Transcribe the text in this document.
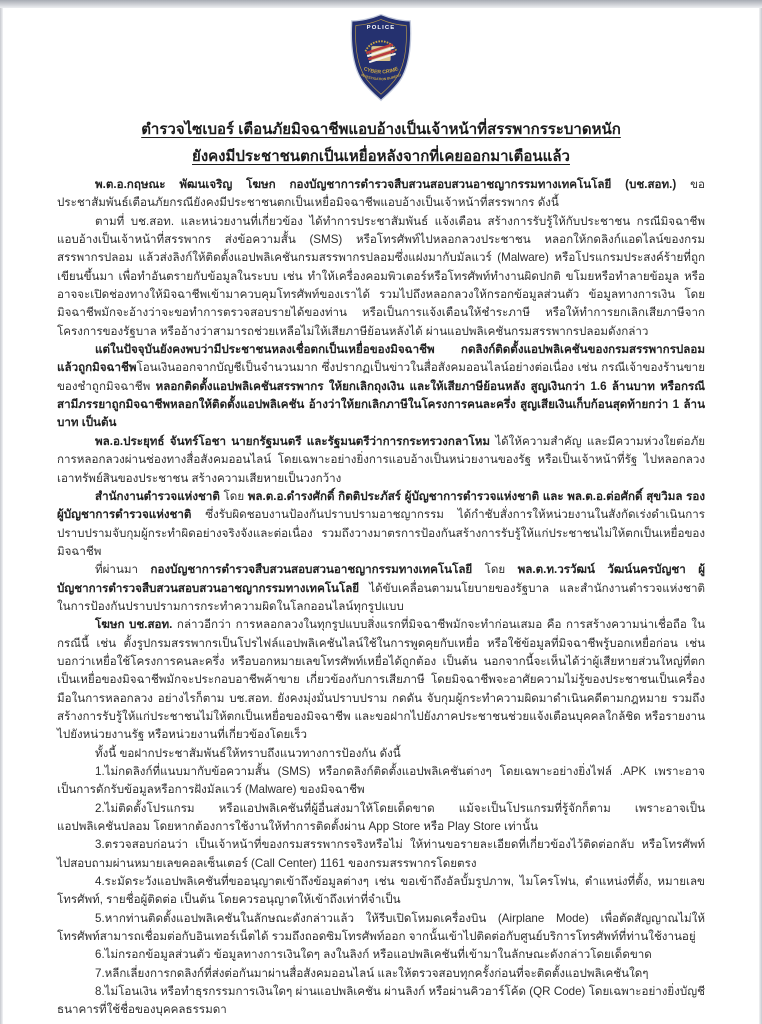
POLICE
CYBER CRIME
INVESTIGATION BUREAU
ตำรวจไซเบอร์ เตือนภัยมิจฉาชีพแอบอ้างเป็นเจ้าหน้าที่สรรพากรระบาดหนัก
ยังคงมีประชาชนตกเป็นเหยื่อหลังจากที่เคยออกมาเตือนแล้ว

พ.ต.อ.กฤษณะ พัฒนเจริญ โฆษก กองบัญชาการตำรวจสืบสวนสอบสวนอาชญากรรมทางเทคโนโลยี (บช.สอท.) ขอประชาสัมพันธ์เตือนภัยกรณียังคงมีประชาชนตกเป็นเหยื่อมิจฉาชีพแอบอ้างเป็นเจ้าหน้าที่สรรพากร ดังนี้

ตามที่ บช.สอท. และหน่วยงานที่เกี่ยวข้อง ได้ทำการประชาสัมพันธ์ แจ้งเตือน สร้างการรับรู้ให้กับประชาชน กรณีมิจฉาชีพแอบอ้างเป็นเจ้าหน้าที่สรรพากร ส่งข้อความสั้น (SMS) หรือโทรศัพท์ไปหลอกลวงประชาชน หลอกให้กดลิงก์แอดไลน์ของกรมสรรพากรปลอม แล้วส่งลิงก์ให้ติดตั้งแอปพลิเคชันกรมสรรพากรปลอมซึ่งแฝงมากับมัลแวร์ (Malware) หรือโปรแกรมประสงค์ร้ายที่ถูกเขียนขึ้นมา เพื่อทำอันตรายกับข้อมูลในระบบ เช่น ทำให้เครื่องคอมพิวเตอร์หรือโทรศัพท์ทำงานผิดปกติ ขโมยหรือทำลายข้อมูล หรืออาจจะเปิดช่องทางให้มิจฉาชีพเข้ามาควบคุมโทรศัพท์ของเราได้ รวมไปถึงหลอกลวงให้กรอกข้อมูลส่วนตัว ข้อมูลทางการเงิน โดยมิจฉาชีพมักจะอ้างว่าจะขอทำการตรวจสอบรายได้ของท่าน หรือเป็นการแจ้งเตือนให้ชำระภาษี หรือให้ทำการยกเลิกเสียภาษีจากโครงการของรัฐบาล หรืออ้างว่าสามารถช่วยเหลือไม่ให้เสียภาษีย้อนหลังได้ ผ่านแอปพลิเคชันกรมสรรพากรปลอมดังกล่าว

แต่ในปัจจุบันยังคงพบว่ามีประชาชนหลงเชื่อตกเป็นเหยื่อของมิจฉาชีพ กดลิงก์ติดตั้งแอปพลิเคชันของกรมสรรพากรปลอม แล้วถูกมิจฉาชีพโอนเงินออกจากบัญชีเป็นจำนวนมาก ซึ่งปรากฏเป็นข่าวในสื่อสังคมออนไลน์อย่างต่อเนื่อง เช่น กรณีเจ้าของร้านขายของชำถูกมิจฉาชีพ หลอกติดตั้งแอปพลิเคชันสรรพากร ให้ยกเลิกถุงเงิน และให้เสียภาษีย้อนหลัง สูญเงินกว่า 1.6 ล้านบาท หรือกรณีสามีภรรยาถูกมิจฉาชีพหลอกให้ติดตั้งแอปพลิเคชัน อ้างว่าให้ยกเลิกภาษีในโครงการคนละครึ่ง สูญเสียเงินเก็บก้อนสุดท้ายกว่า 1 ล้านบาท เป็นต้น

พล.อ.ประยุทธ์ จันทร์โอชา นายกรัฐมนตรี และรัฐมนตรีว่าการกระทรวงกลาโหม ได้ให้ความสำคัญ และมีความห่วงใยต่อภัยการหลอกลวงผ่านช่องทางสื่อสังคมออนไลน์ โดยเฉพาะอย่างยิ่งการแอบอ้างเป็นหน่วยงานของรัฐ หรือเป็นเจ้าหน้าที่รัฐ ไปหลอกลวงเอาทรัพย์สินของประชาชน สร้างความเสียหายเป็นวงกว้าง

สำนักงานตำรวจแห่งชาติ โดย พล.ต.อ.ดำรงศักดิ์ กิตติประภัสร์ ผู้บัญชาการตำรวจแห่งชาติ และ พล.ต.อ.ต่อศักดิ์ สุขวิมล รองผู้บัญชาการตำรวจแห่งชาติ ซึ่งรับผิดชอบงานป้องกันปราบปรามอาชญากรรม ได้กำชับสั่งการให้หน่วยงานในสังกัดเร่งดำเนินการปราบปรามจับกุมผู้กระทำผิดอย่างจริงจังและต่อเนื่อง รวมถึงวางมาตรการป้องกันสร้างการรับรู้ให้แก่ประชาชนไม่ให้ตกเป็นเหยื่อของมิจฉาชีพ

ที่ผ่านมา กองบัญชาการตำรวจสืบสวนสอบสวนอาชญากรรมทางเทคโนโลยี โดย พล.ต.ท.วรวัฒน์ วัฒน์นครบัญชา ผู้บัญชาการตำรวจสืบสวนสอบสวนอาชญากรรมทางเทคโนโลยี ได้ขับเคลื่อนตามนโยบายของรัฐบาล และสำนักงานตำรวจแห่งชาติ ในการป้องกันปราบปรามการกระทำความผิดในโลกออนไลน์ทุกรูปแบบ

โฆษก บช.สอท. กล่าวอีกว่า การหลอกลวงในทุกรูปแบบสิ่งแรกที่มิจฉาชีพมักจะทำก่อนเสมอ คือ การสร้างความน่าเชื่อถือ ในกรณีนี้ เช่น ตั้งรูปกรมสรรพากรเป็นโปรไฟล์แอปพลิเคชันไลน์ใช้ในการพูดคุยกับเหยื่อ หรือใช้ข้อมูลที่มิจฉาชีพรู้บอกเหยื่อก่อน เช่น บอกว่าเหยื่อใช้โครงการคนละครึ่ง หรือบอกหมายเลขโทรศัพท์เหยื่อได้ถูกต้อง เป็นต้น นอกจากนี้จะเห็นได้ว่าผู้เสียหายส่วนใหญ่ที่ตกเป็นเหยื่อของมิจฉาชีพมักจะประกอบอาชีพค้าขาย เกี่ยวข้องกับการเสียภาษี โดยมิจฉาชีพจะอาศัยความไม่รู้ของประชาชนเป็นเครื่องมือในการหลอกลวง อย่างไรก็ตาม บช.สอท. ยังคงมุ่งมั่นปราบปราม กดดัน จับกุมผู้กระทำความผิดมาดำเนินคดีตามกฎหมาย รวมถึงสร้างการรับรู้ให้แก่ประชาชนไม่ให้ตกเป็นเหยื่อของมิจฉาชีพ และขอฝากไปยังภาคประชาชนช่วยแจ้งเตือนบุคคลใกล้ชิด หรือรายงานไปยังหน่วยงานรัฐ หรือหน่วยงานที่เกี่ยวข้องโดยเร็ว

ทั้งนี้ ขอฝากประชาสัมพันธ์ให้ทราบถึงแนวทางการป้องกัน ดังนี้

1.ไม่กดลิงก์ที่แนบมากับข้อความสั้น (SMS) หรือกดลิงก์ติดตั้งแอปพลิเคชันต่างๆ โดยเฉพาะอย่างยิ่งไฟล์ .APK เพราะอาจเป็นการดักรับข้อมูลหรือการฝังมัลแวร์ (Malware) ของมิจฉาชีพ

2.ไม่ติดตั้งโปรแกรม หรือแอปพลิเคชันที่ผู้อื่นส่งมาให้โดยเด็ดขาด แม้จะเป็นโปรแกรมที่รู้จักก็ตาม เพราะอาจเป็นแอปพลิเคชันปลอม โดยหากต้องการใช้งานให้ทำการติดตั้งผ่าน App Store หรือ Play Store เท่านั้น

3.ตรวจสอบก่อนว่า เป็นเจ้าหน้าที่ของกรมสรรพากรจริงหรือไม่ ให้ท่านขอรายละเอียดที่เกี่ยวข้องไว้ติดต่อกลับ หรือโทรศัพท์ไปสอบถามผ่านหมายเลขคอลเซ็นเตอร์ (Call Center) 1161 ของกรมสรรพากรโดยตรง

4.ระมัดระวังแอปพลิเคชันที่ขออนุญาตเข้าถึงข้อมูลต่างๆ เช่น ขอเข้าถึงอัลบั้มรูปภาพ, ไมโครโฟน, ตำแหน่งที่ตั้ง, หมายเลขโทรศัพท์, รายชื่อผู้ติดต่อ เป็นต้น โดยควรอนุญาตให้เข้าถึงเท่าที่จำเป็น

5.หากท่านติดตั้งแอปพลิเคชันในลักษณะดังกล่าวแล้ว ให้รีบเปิดโหมดเครื่องบิน (Airplane Mode) เพื่อตัดสัญญาณไม่ให้โทรศัพท์สามารถเชื่อมต่อกับอินเทอร์เน็ตได้ รวมถึงถอดซิมโทรศัพท์ออก จากนั้นเข้าไปติดต่อกับศูนย์บริการโทรศัพท์ที่ท่านใช้งานอยู่

6.ไม่กรอกข้อมูลส่วนตัว ข้อมูลทางการเงินใดๆ ลงในลิงก์ หรือแอปพลิเคชันที่เข้ามาในลักษณะดังกล่าวโดยเด็ดขาด

7.หลีกเลี่ยงการกดลิงก์ที่ส่งต่อกันมาผ่านสื่อสังคมออนไลน์ และให้ตรวจสอบทุกครั้งก่อนที่จะติดตั้งแอปพลิเคชันใดๆ

8.ไม่โอนเงิน หรือทำธุรกรรมการเงินใดๆ ผ่านแอปพลิเคชัน ผ่านลิงก์ หรือผ่านคิวอาร์โค้ด (QR Code) โดยเฉพาะอย่างยิ่งบัญชีธนาคารที่ใช้ชื่อของบุคคลธรรมดา
